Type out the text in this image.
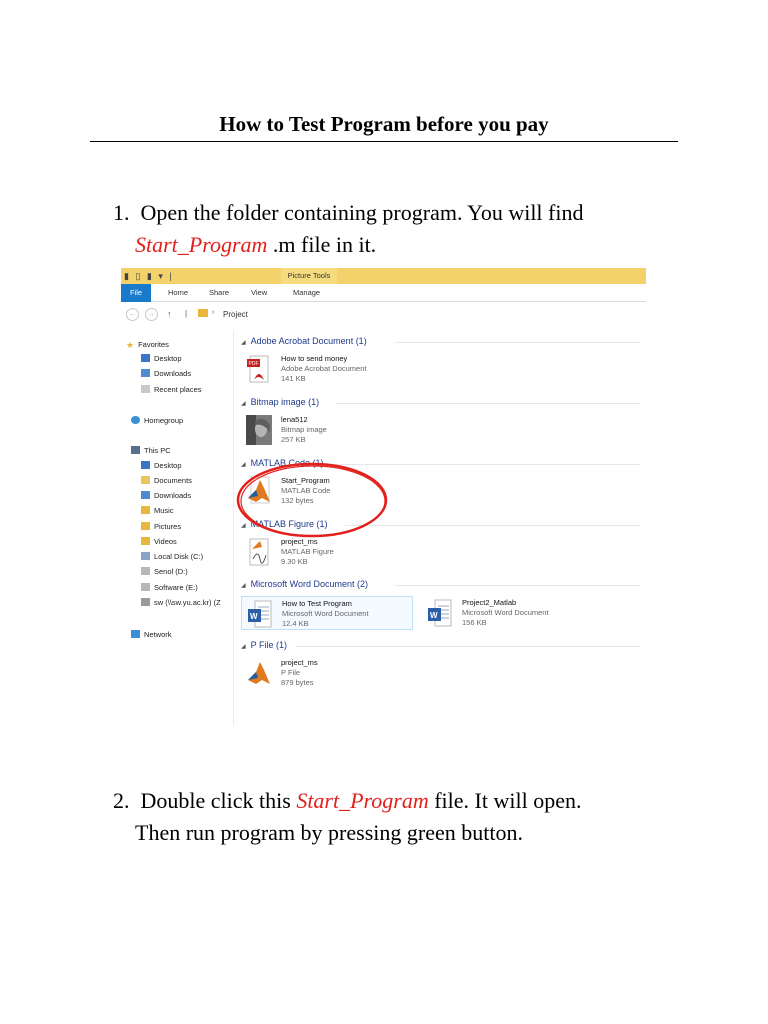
How to Test Program before you pay
1. Open the folder containing program. You will find
Start_Program .m file in it.
▮ ▯ ▮ ▾ |	Picture Tools
Home	Share	View	Manage
File
←	→	↑ |	› Project
★ Favorites
Desktop
Downloads
Recent places
Homegroup
This PC
Desktop
Documents
Downloads
Music
Pictures
Videos
Local Disk (C:)
Senol (D:)
Software (E:)
sw (\\sw.yu.ac.kr) (Z
Network
◢ Adobe Acrobat Document (1)
PDF
How to send money
Adobe Acrobat Document
141 KB
◢ Bitmap image (1)
lena512
Bitmap image
257 KB
◢ MATLAB Code (1)
Start_Program
MATLAB Code
132 bytes
◢ MATLAB Figure (1)
project_ms
MATLAB Figure
9.30 KB
◢ Microsoft Word Document (2)
W
How to Test Program
Microsoft Word Document
12.4 KB
W
Project2_Matlab
Microsoft Word Document
156 KB
◢ P File (1)
project_ms
P File
879 bytes
2. Double click this Start_Program file. It will open.
Then run program by pressing green button.
